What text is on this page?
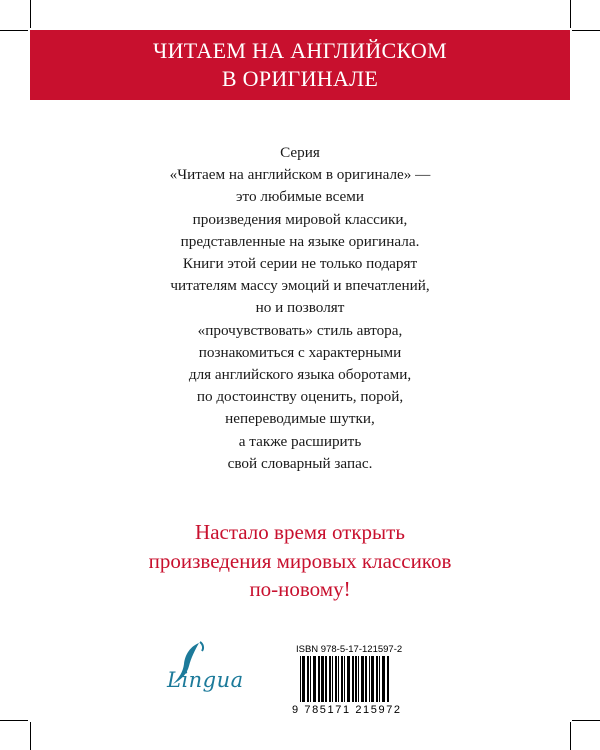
ЧИТАЕМ НА АНГЛИЙСКОМ
В ОРИГИНАЛЕ
Серия
«Читаем на английском в оригинале» —
это любимые всеми
произведения мировой классики,
представленные на языке оригинала.
Книги этой серии не только подарят
читателям массу эмоций и впечатлений,
но и позволят
«прочувствовать» стиль автора,
познакомиться с характерными
для английского языка оборотами,
по достоинству оценить, порой,
непереводимые шутки,
а также расширить
свой словарный запас.
Настало время открыть
произведения мировых классиков
по-новому!
Lingua
ISBN 978-5-17-121597-2
9 785171 215972
